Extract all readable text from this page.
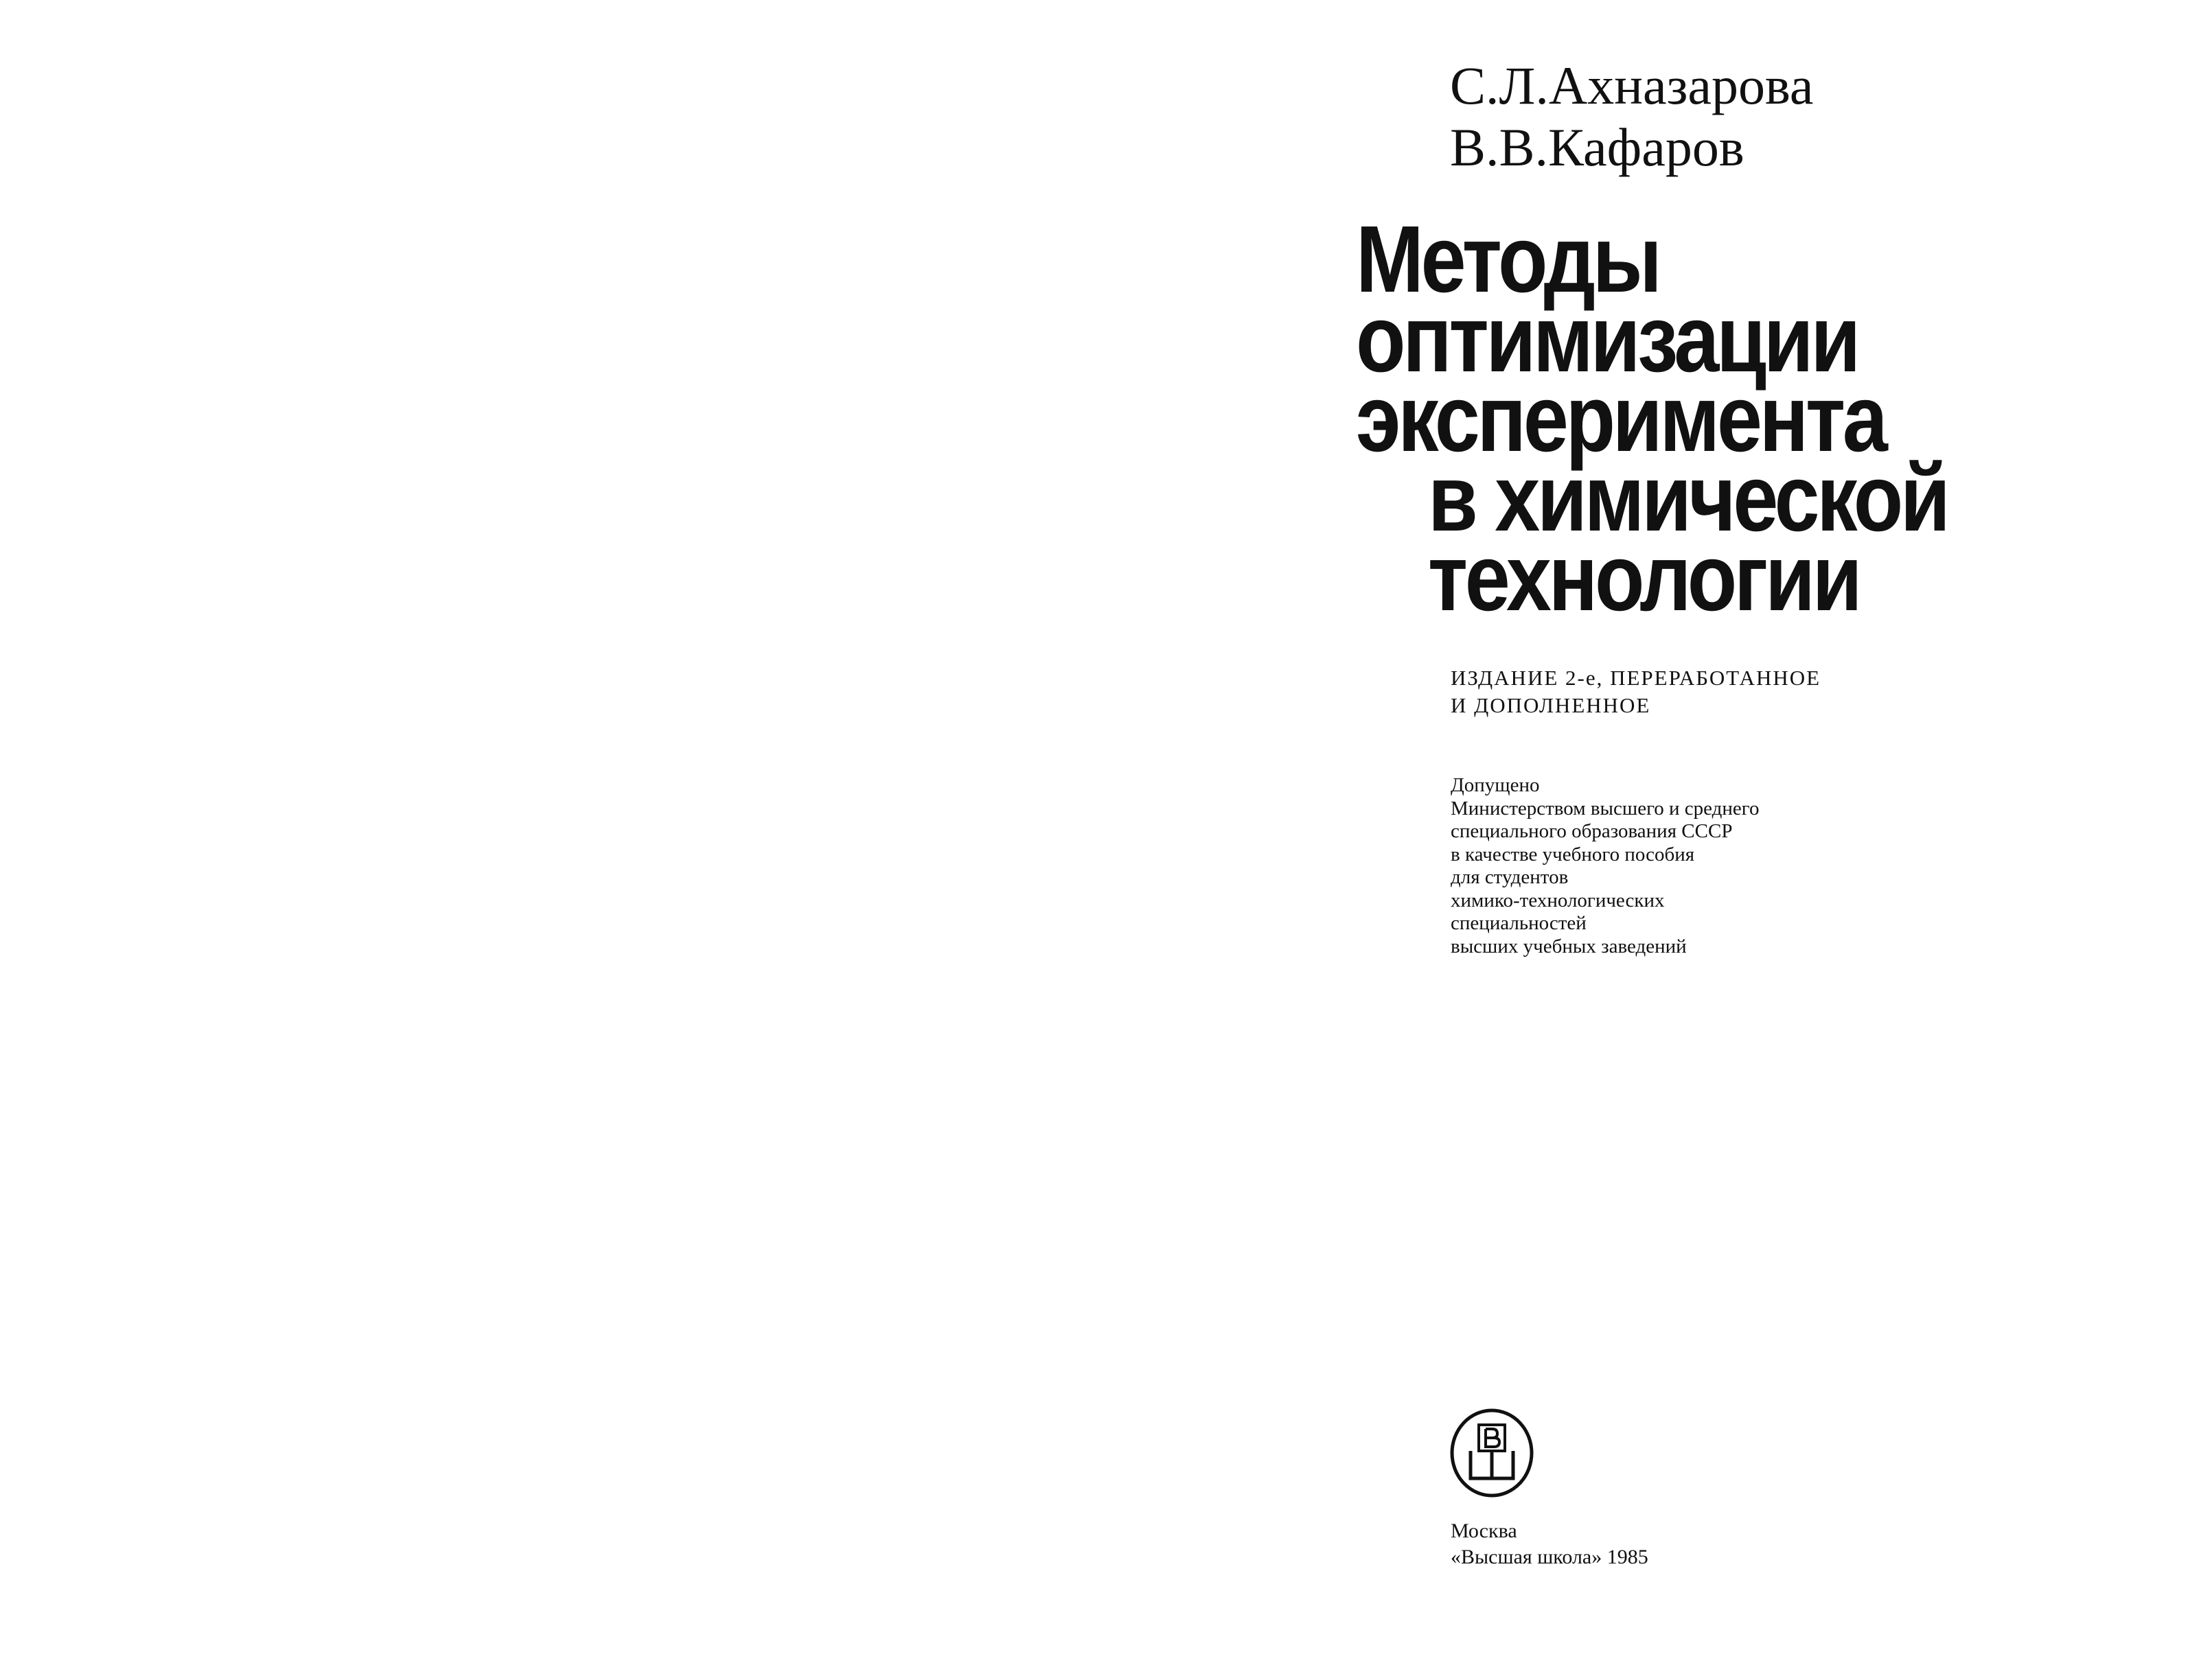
С.Л.Ахназарова
В.В.Кафаров
Методы
оптимизации
эксперимента
в химической
технологии
ИЗДАНИЕ 2-е, ПЕРЕРАБОТАННОЕ
И ДОПОЛНЕННОЕ
Допущено
Министерством высшего и среднего
специального образования СССР
в качестве учебного пособия
для студентов
химико-технологических
специальностей
высших учебных заведений
Москва
«Высшая школа» 1985
